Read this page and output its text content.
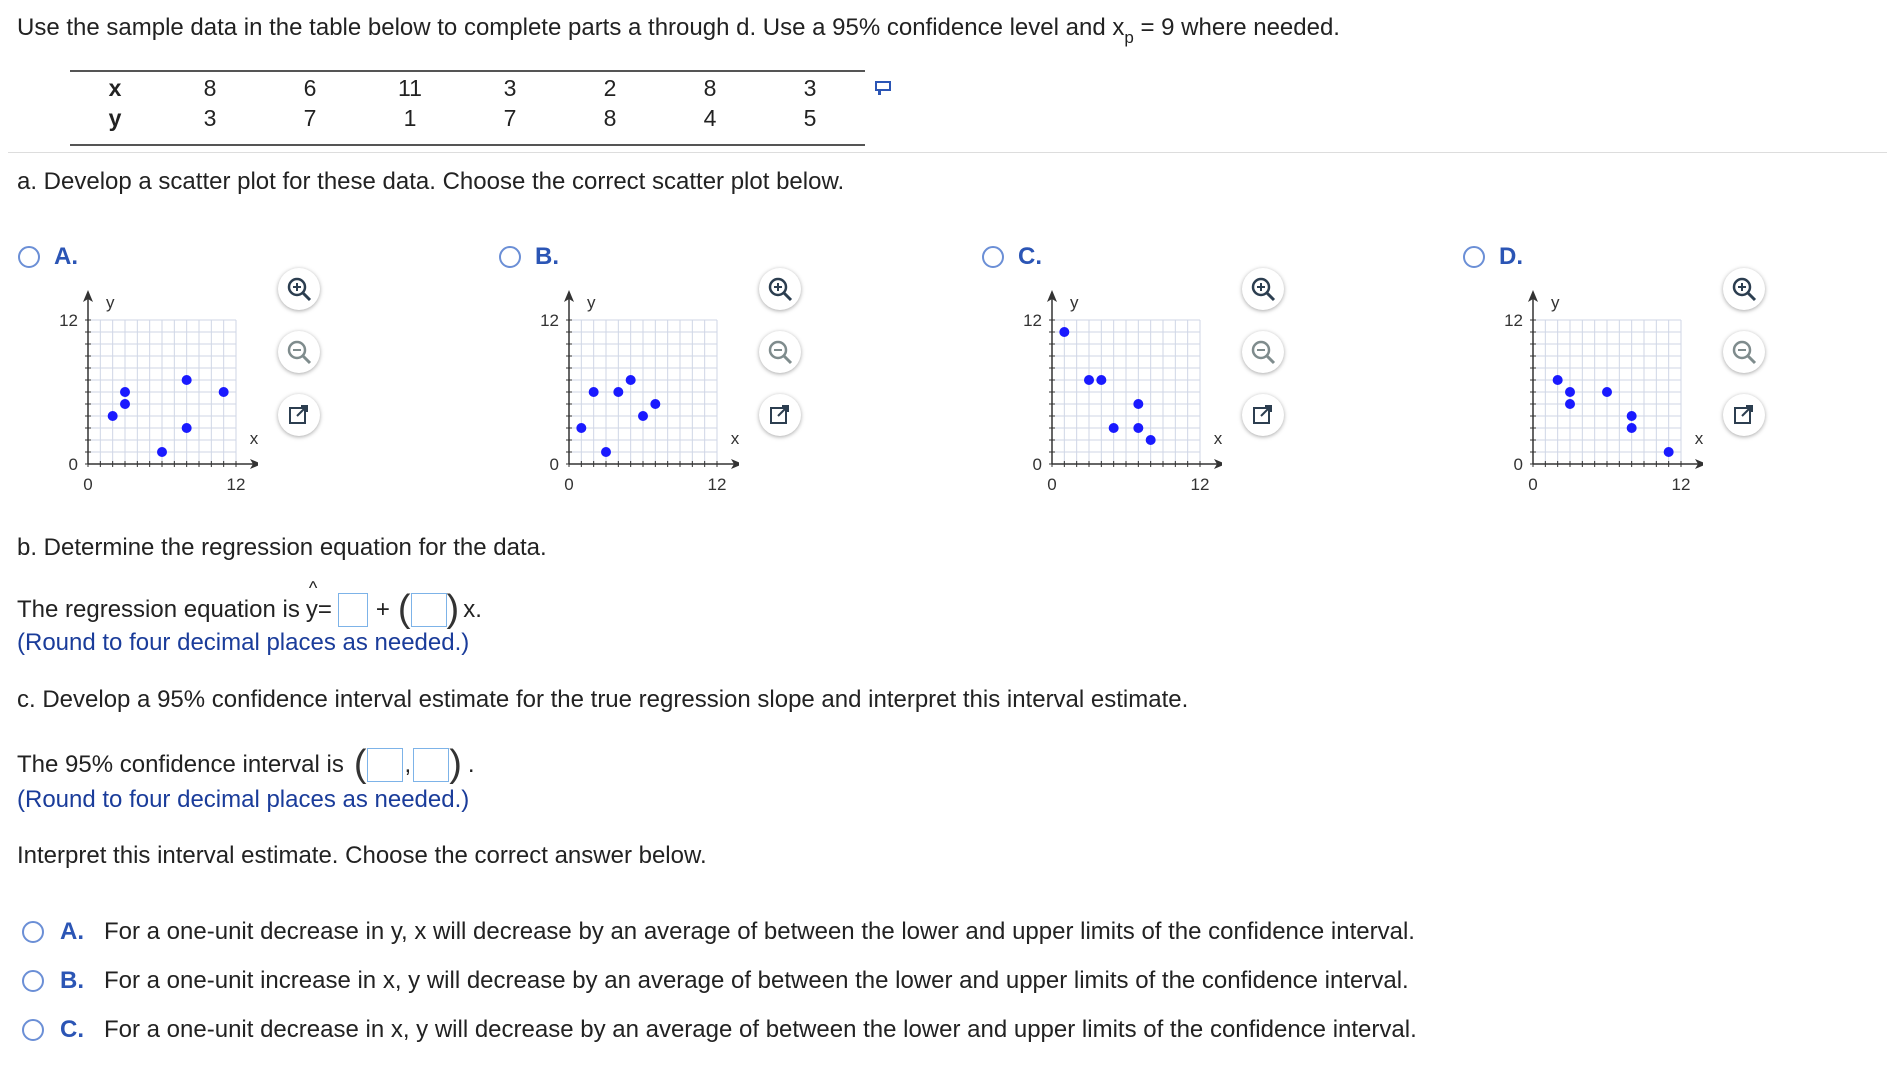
Use the sample data in the table below to complete parts a through d. Use a 95% confidence level and $x_p = 9$ where needed.
x	8	6	11	3	2	8	3
y	3	7	1	7	8	4	5
a. Develop a scatter plot for these data. Choose the correct scatter plot below.
A.
12
0
0	12
y
x
B.
12
0
0	12
y
x
C.
12
0
0	12
y
x
D.
12
0
0	12
y
x
b. Determine the regression equation for the data.
The regression equation is
^
y = + ( ) x.
(Round to four decimal places as needed.)
c. Develop a 95% confidence interval estimate for the true regression slope and interpret this interval estimate.
The 95% confidence interval is ( , ) .
(Round to four decimal places as needed.)
Interpret this interval estimate. Choose the correct answer below.
A. For a one-unit decrease in y, x will decrease by an average of between the lower and upper limits of the confidence interval.
B. For a one-unit increase in x, y will decrease by an average of between the lower and upper limits of the confidence interval.
C. For a one-unit decrease in x, y will decrease by an average of between the lower and upper limits of the confidence interval.
